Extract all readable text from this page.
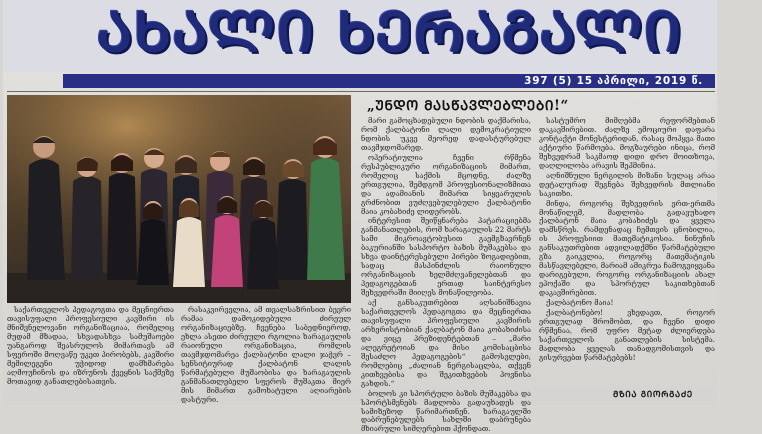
ᲐᲮᲐᲚᲘ ᲮᲔᲠᲐᲒᲐᲚᲘ
397 (5) 15 აპრილი, 2019 წ.

საქართველოს პედაგოგთა და მეცნიერთა თავისუფალი პროფესიული კავშირი ის მნიშვნელოვანი ორგანიზაციაა, რომელიც მუდამ მზადაა, სხვადასხვა სამუშაოები უანგაროდ შეასრულოს მიმართავს ამ სფეროში მოღვაწე უკეთ პირობებს, კავშირი მემილეგენი უჭიდოდ დამხმარება აღმოუჩინოს და იზრუნოს ქვეყნის საქმეზე მოთავიდ განათლებისათვის.

რასაკვირველია, ამ თვალსაზრისით ბევრი რამაა დამოკიდებული ძირეულ ორგანიზაციებზე. ჩვენება საბედნიეროდ, ეხლა ასეთი ძირეული რგოლია ხარაგაულის რაიონული ორგანიზაცია, რომლის თავმჯდომარეა ქალბატონი ლალი ჯაჭვრ – სენსიტიურად ქალბატონ ლალის წარმატებული მუშაობისა და ხარაგაულის განმანათლებელი სფეროს მუშაკთა მიერ მის მიმართ გამოხატული აღიარების დასტური.

„ᲣᲜᲓᲝ ᲛᲐᲡᲬᲐᲕᲚᲔᲑᲚᲔᲑᲘ!“

მარი გამოცხადებული ნდობის დაქმარისა, რომ ქალბატონი ლალი დემოკრატიული ნდობის უკვე მეორედ დადასტურებულ თავმჯდომარედ.

ოპერატიულია ჩვენი რწმენა რესპუბლიკური ორგანიზაციის მიმართ, რომელიც საქმის მცოდნე, ძალზე ერთგულია, შემდგომ პროფესიონალიზმითა და ადამიანის მიმართ სიყვარულის გრძნობით ვუძღვებულებული ქალბატონი მაია კობახიძე ლიდერობს.

ინტერესით შეიწყნარება პატარაციებმა განმანათლების, რომ ხარაგაულის 22 მარტს სამი მიკროავტობუსით გაემგზავრნენ ბაკურიანში სასპორტო ბაზის მუშაკებსა და სხვა დაინტერესებული პირები ზოგადიებით, სადაც მასპინძლის რაიონული ორგანიზაციის ხელმძღვანელებთან და პედაგოგებთან ერთად საინტერესო შეხვედრაში მიიღეს მონაწილეობა.

აქ განსაკუთრებით აღსანიშნავია საქართველოს პედაგოგთა და მეცნიერთა თავისუფალი პროფესიული კავშირის არხერისტობიან ქალბატონ მაია კობახიძისა და ვიცე პრეზიდენტებთან – „მარი ალეგრეტოიან და მისი კომისაცბისა შესაძლო პედაგოგების“ გამოსვლები, რომლებიც „ძალიან ნერგისაცლბა, თქვენ კითხვებისა და შეკითხვების პოვნისა გახდის.“

ბოლოს კი სპორტული ბაზის მუშაკებსა და სპორტსმენებს მადლობა გადაუხადეს და სამიზეზოდ წარიმართნენ. ხარაგაულში დაბრუნებულებს სახლში დაბრუნება მხიარული სიმღერებით ჰქონდათ.

სასტუმრო მიმღებმა რეფორმებთან დაკავშირებით. ძალზე ემოციური დაფარა კონტაქტი მონესტერიდან, რასაც მოჰყვა მათი აქტიური წარმოება. მოგზაურები ინიცა, რომ შეხვედრამ საკმაოდ დიდი დრო მოითხოვა, დაღლილობა არავის შეჰმინია.

აღნიშნული ნერგილის მიზანი სულაც არაა დეტალურად შეგნება შეხვედრის მთლიანი საკითხი.

მინდა, როგორც შეხვედრის ერთ-ერთმა მონაწილემ, მადლობა გადავუხადო ქალბატონ მაია კობახიძეს და ყველა დამსწრეს. რამდენადაც ჩემთვის ცნობილია, ის პროფესიით მათემატიკოსია. ნინუჩის განსაკუთრებით ადვილადქმნი წარმატებული გზა გაიკვლია, როგორც მათემატიკის მასწავლებელი, მარიამ ამიკრუა ჩამოგვიყვანა დარიგებული, როგორც ორგანიზაციის ახალ ეპოქაში და სპორტულ საკითხებთან დაკავშირებით.

ქალბატონო მაია!

ქალბატონებო! ვხედავთ, როგორ ერთგულად შრომობთ, და ჩვენი დიდი რწმენაა, რომ უფრო მეტად ძლიერდება საქართველოს განათლების სისტემა. მადლობა ყველას თანადგომისთვის და გისურვებთ წარმატებებს!

ᲛᲖᲘᲐ ᲒᲘᲝᲠᲒᲐᲫᲔ
